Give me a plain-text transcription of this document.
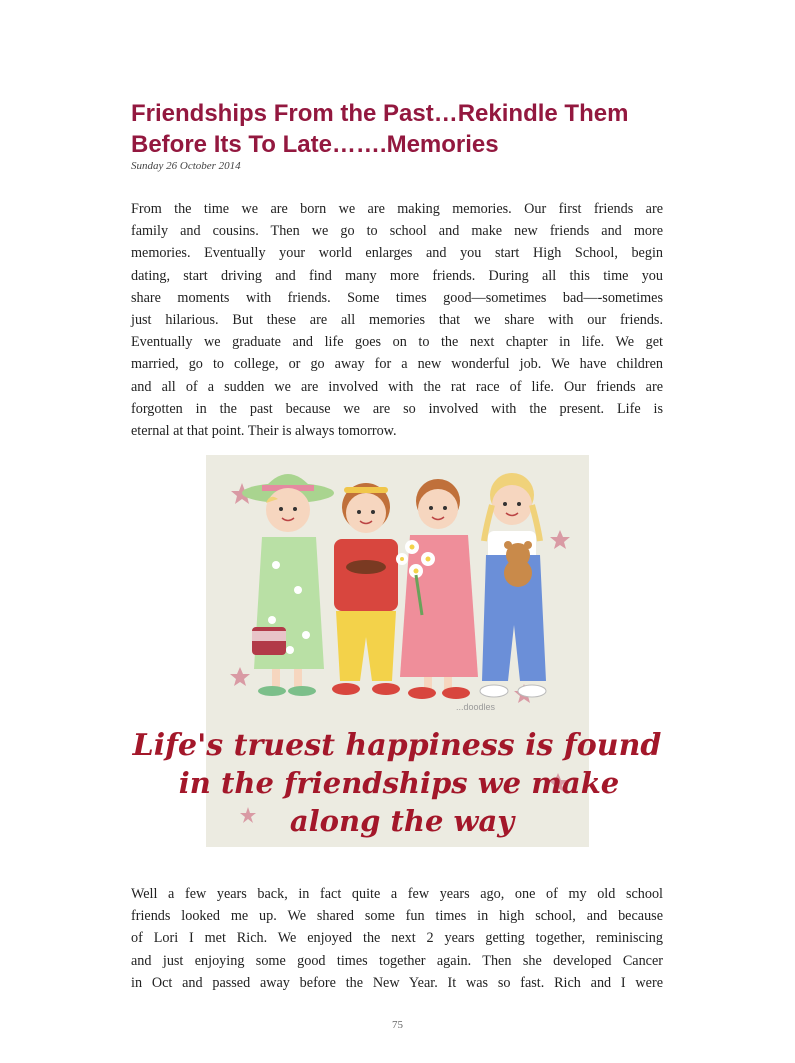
Friendships From the Past…Rekindle Them Before Its To Late…….Memories
Sunday 26 October 2014
From the time we are born we are making memories. Our first friends are
family and cousins. Then we go to school and make new friends and more
memories. Eventually your world enlarges and you start High School, begin
dating, start driving and find many more friends. During all this time you
share moments with friends. Some times good—sometimes bad—-sometimes
just hilarious. But these are all memories that we share with our friends.
Eventually we graduate and life goes on to the next chapter in life. We get
married, go to college, or go away for a new wonderful job. We have children
and all of a sudden we are involved with the rat race of life. Our friends are
forgotten in the past because we are so involved with the present. Life is
eternal at that point. Their is always tomorrow.
...doodles
Life's truest happiness is found
in the friendships we make
along the way
Well a few years back, in fact quite a few years ago, one of my old school
friends looked me up. We shared some fun times in high school, and because
of Lori I met Rich. We enjoyed the next 2 years getting together, reminiscing
and just enjoying some good times together again. Then she developed Cancer
in Oct and passed away before the New Year. It was so fast. Rich and I were
75
